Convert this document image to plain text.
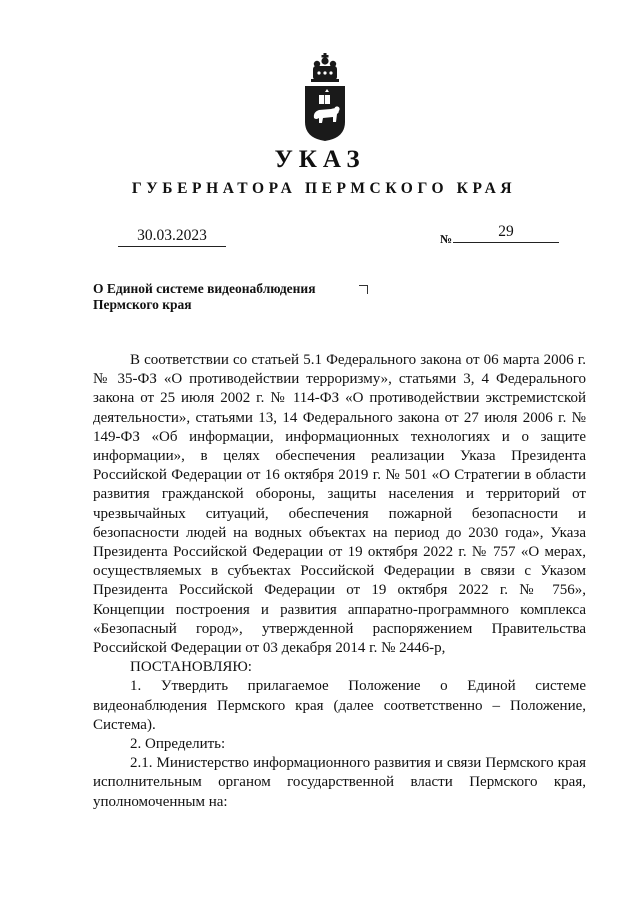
УКАЗ
ГУБЕРНАТОРА ПЕРМСКОГО КРАЯ
30.03.2023	№	29
О Единой системе видеонаблюдения
Пермского края

В соответствии со статьей 5.1 Федерального закона от 06 марта 2006 г. № 35-ФЗ «О противодействии терроризму», статьями 3, 4 Федерального закона от 25 июля 2002 г. № 114-ФЗ «О противодействии экстремистской деятельности», статьями 13, 14 Федерального закона от 27 июля 2006 г. № 149-ФЗ «Об информации, информационных технологиях и о защите информации», в целях обеспечения реализации Указа Президента Российской Федерации от 16 октября 2019 г. № 501 «О Стратегии в области развития гражданской обороны, защиты населения и территорий от чрезвычайных ситуаций, обеспечения пожарной безопасности и безопасности людей на водных объектах на период до 2030 года», Указа Президента Российской Федерации от 19 октября 2022 г. № 757 «О мерах, осуществляемых в субъектах Российской Федерации в связи с Указом Президента Российской Федерации от 19 октября 2022 г. № 756», Концепции построения и развития аппаратно-программного комплекса «Безопасный город», утвержденной распоряжением Правительства Российской Федерации от 03 декабря 2014 г. № 2446-р,

ПОСТАНОВЛЯЮ:

1. Утвердить прилагаемое Положение о Единой системе видеонаблюдения Пермского края (далее соответственно – Положение, Система).

2. Определить:

2.1. Министерство информационного развития и связи Пермского края исполнительным органом государственной власти Пермского края, уполномоченным на:
